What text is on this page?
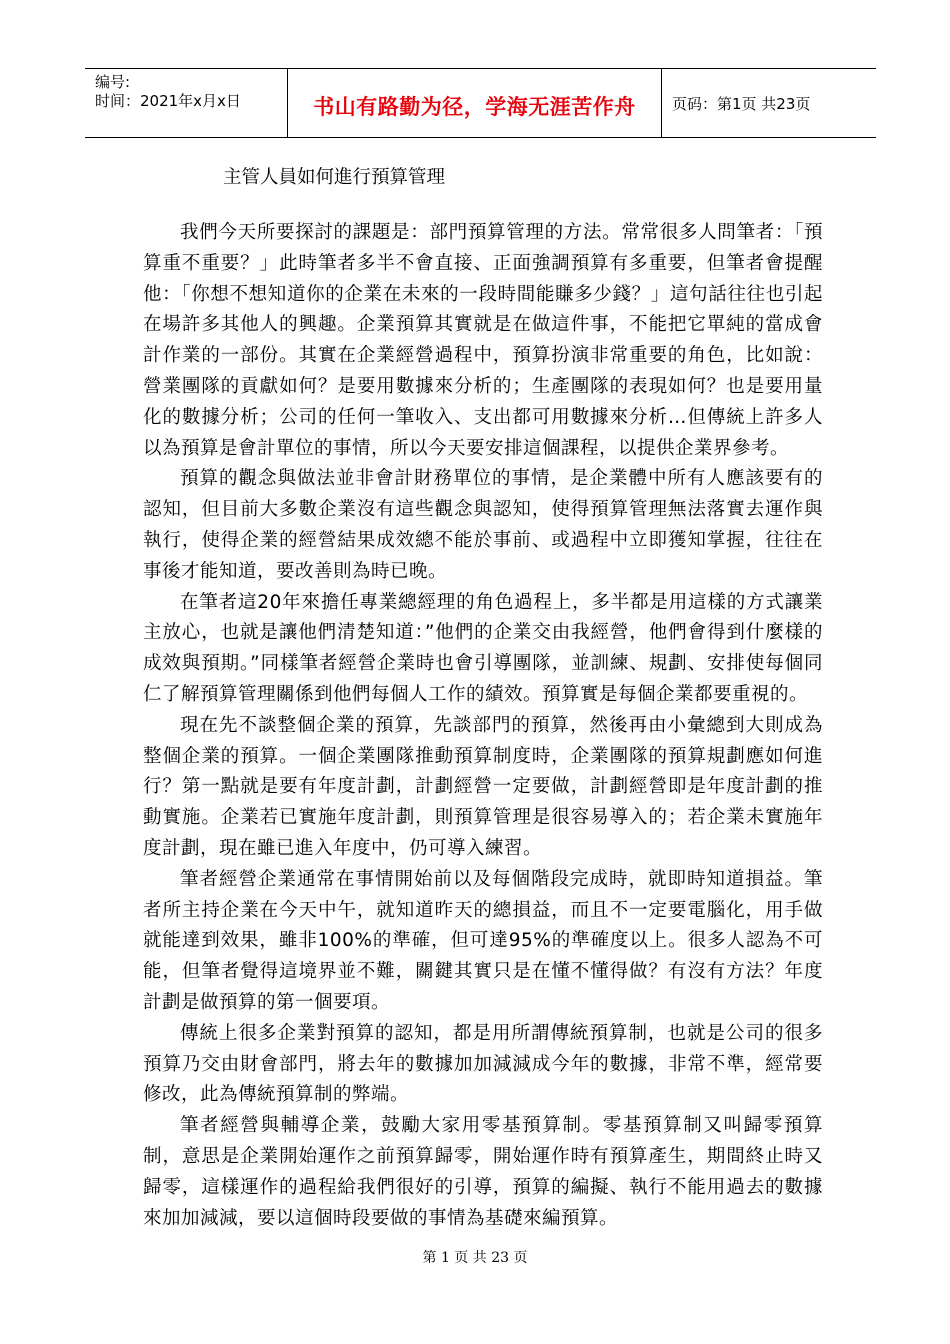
编号:
时间：2021年x月x日	书山有路勤为径，学海无涯苦作舟	页码：第1页 共23页
主管人員如何進行預算管理

我們今天所要探討的課題是：部門預算管理的方法。常常很多人問筆者：「預算重不重要？」此時筆者多半不會直接、正面強調預算有多重要，但筆者會提醒他：「你想不想知道你的企業在未來的一段時間能賺多少錢？」這句話往往也引起在場許多其他人的興趣。企業預算其實就是在做這件事，不能把它單純的當成會計作業的一部份。其實在企業經營過程中，預算扮演非常重要的角色，比如說：營業團隊的貢獻如何？是要用數據來分析的；生產團隊的表現如何？也是要用量化的數據分析；公司的任何一筆收入、支出都可用數據來分析…但傳統上許多人以為預算是會計單位的事情，所以今天要安排這個課程，以提供企業界參考。

預算的觀念與做法並非會計財務單位的事情，是企業體中所有人應該要有的認知，但目前大多數企業沒有這些觀念與認知，使得預算管理無法落實去運作與執行，使得企業的經營結果成效總不能於事前、或過程中立即獲知掌握，往往在事後才能知道，要改善則為時已晚。

在筆者這20年來擔任專業總經理的角色過程上，多半都是用這樣的方式讓業主放心，也就是讓他們清楚知道：”他們的企業交由我經營，他們會得到什麼樣的成效與預期。”同樣筆者經營企業時也會引導團隊，並訓練、規劃、安排使每個同仁了解預算管理關係到他們每個人工作的績效。預算實是每個企業都要重視的。

現在先不談整個企業的預算，先談部門的預算，然後再由小彙總到大則成為整個企業的預算。一個企業團隊推動預算制度時，企業團隊的預算規劃應如何進行？第一點就是要有年度計劃，計劃經營一定要做，計劃經營即是年度計劃的推動實施。企業若已實施年度計劃，則預算管理是很容易導入的；若企業未實施年度計劃，現在雖已進入年度中，仍可導入練習。

筆者經營企業通常在事情開始前以及每個階段完成時，就即時知道損益。筆者所主持企業在今天中午，就知道昨天的總損益，而且不一定要電腦化，用手做就能達到效果，雖非100%的準確，但可達95%的準確度以上。很多人認為不可能，但筆者覺得這境界並不難，關鍵其實只是在懂不懂得做？有沒有方法？年度計劃是做預算的第一個要項。

傳統上很多企業對預算的認知，都是用所謂傳統預算制，也就是公司的很多預算乃交由財會部門，將去年的數據加加減減成今年的數據，非常不準，經常要修改，此為傳統預算制的弊端。

筆者經營與輔導企業，鼓勵大家用零基預算制。零基預算制又叫歸零預算制，意思是企業開始運作之前預算歸零，開始運作時有預算產生，期間終止時又歸零，這樣運作的過程給我們很好的引導，預算的編擬、執行不能用過去的數據來加加減減，要以這個時段要做的事情為基礎來編預算。

第 1 页 共 23 页
